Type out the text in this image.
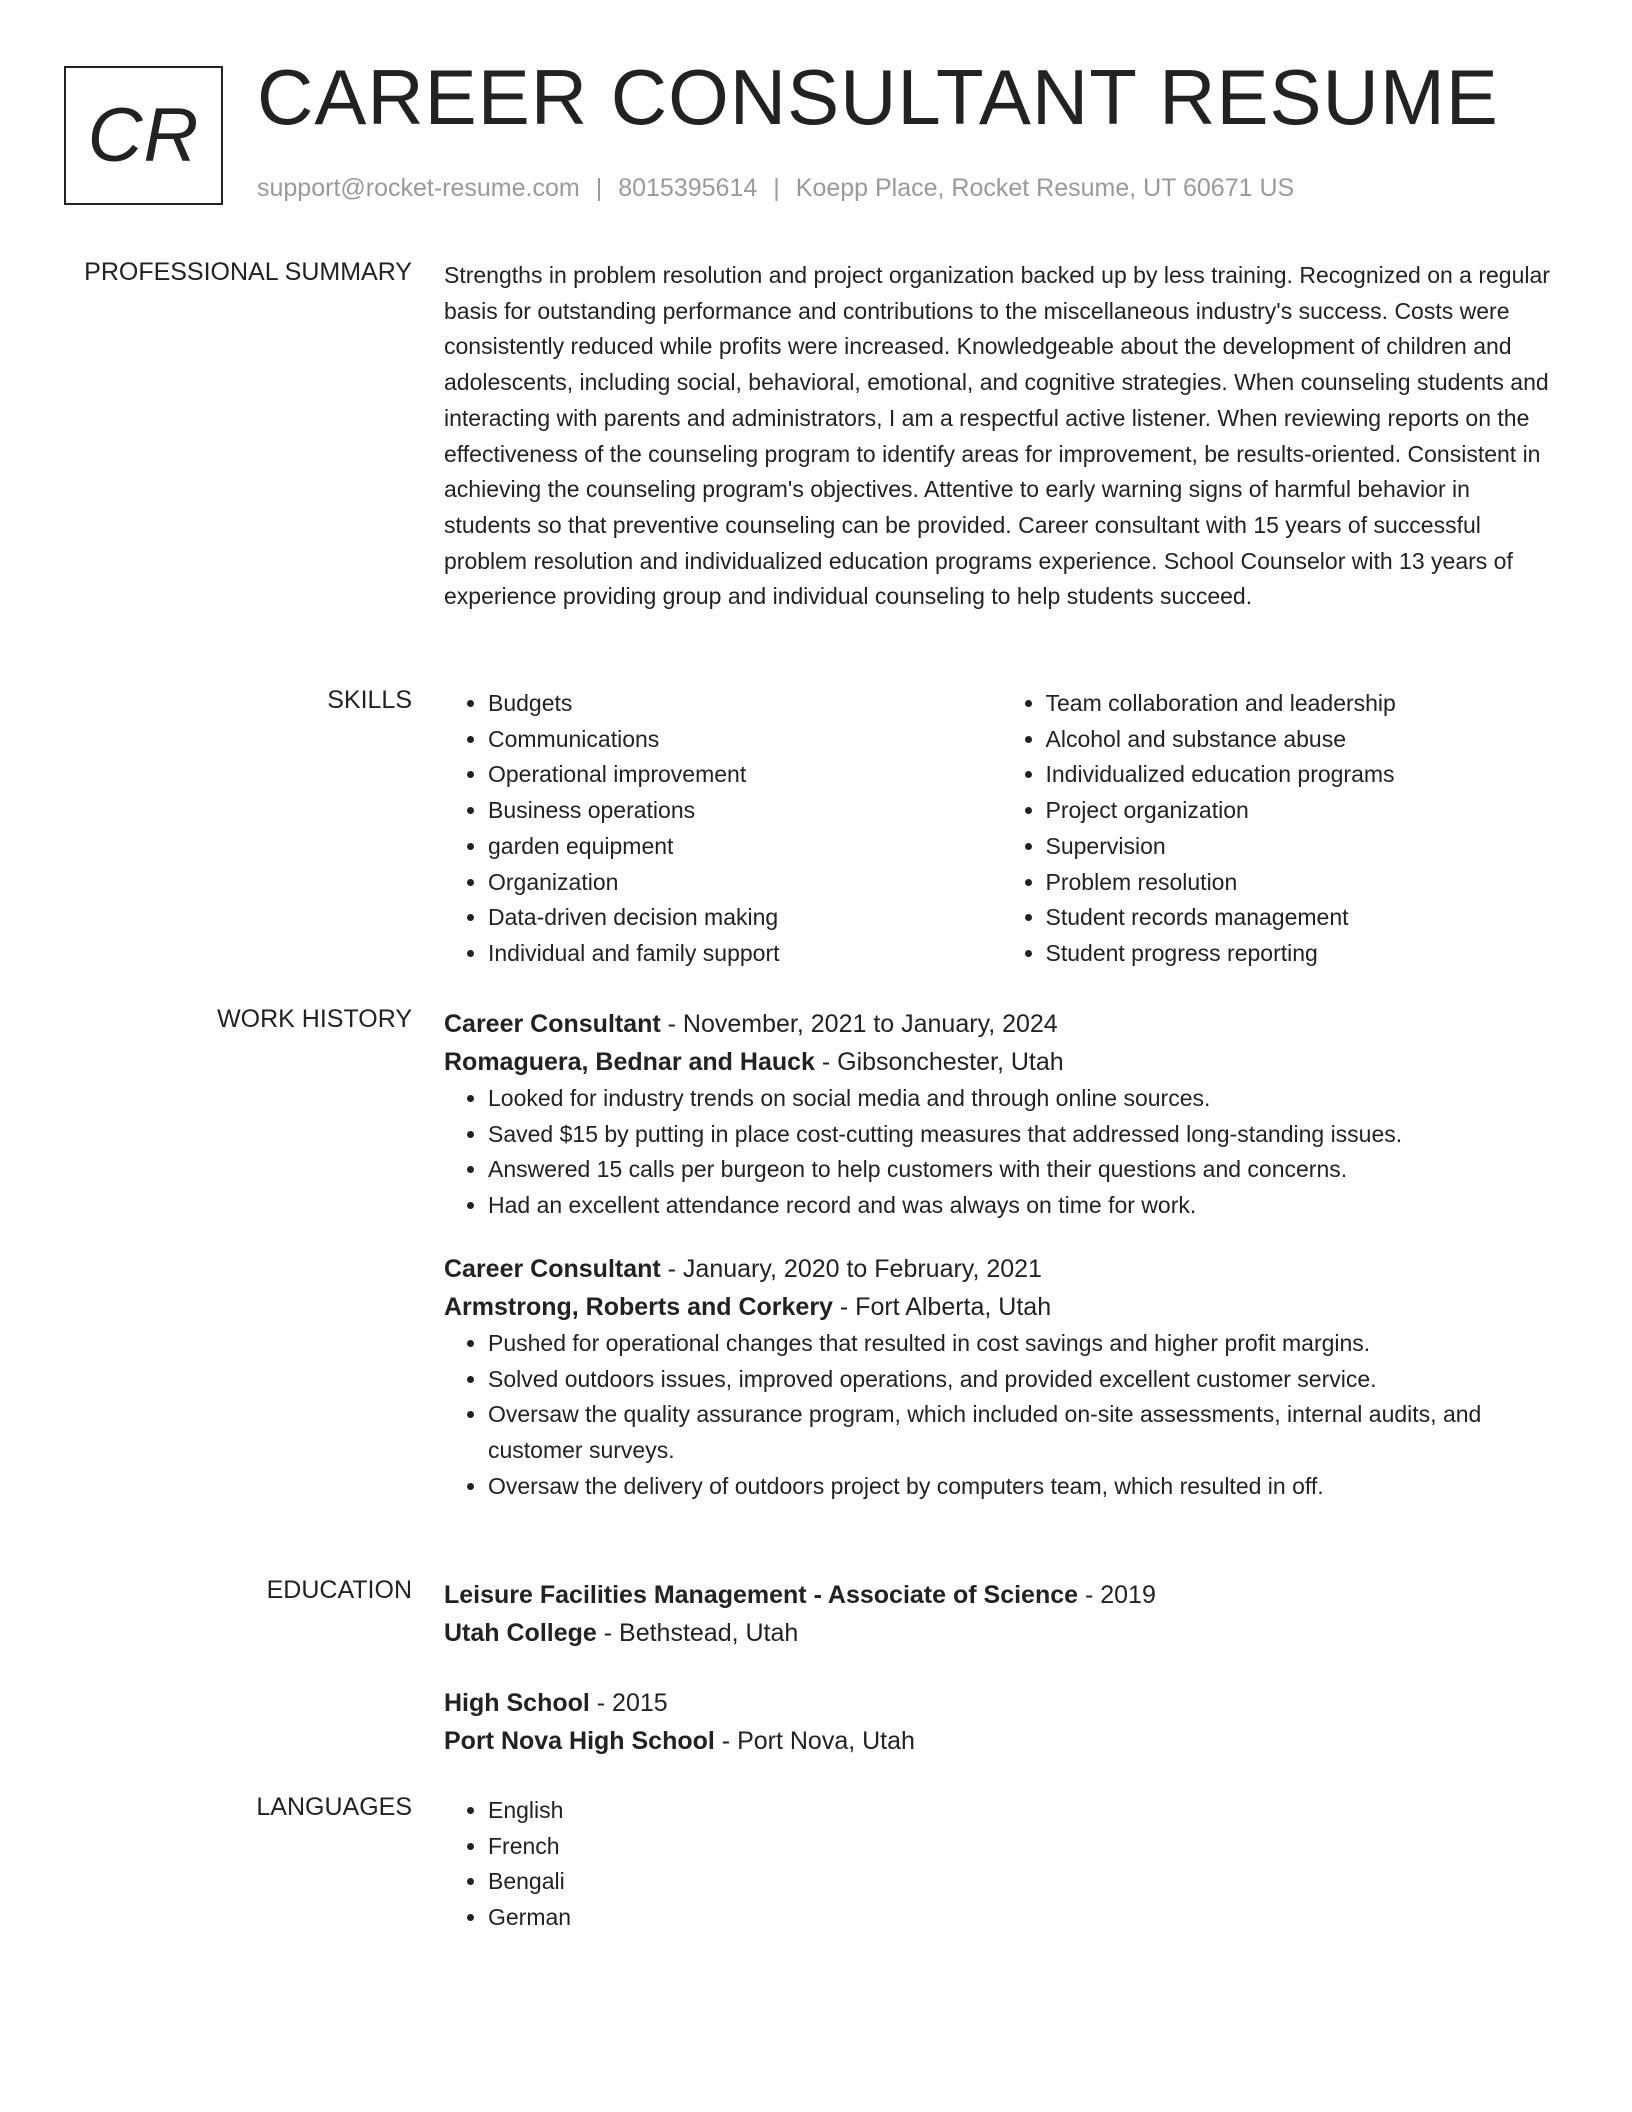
CR CAREER CONSULTANT RESUME
support@rocket-resume.com | 8015395614 | Koepp Place, Rocket Resume, UT 60671 US
PROFESSIONAL SUMMARY Strengths in problem resolution and project organization backed up by less training. Recognized on a regular basis for outstanding performance and contributions to the miscellaneous industry's success. Costs were consistently reduced while profits were increased. Knowledgeable about the development of children and adolescents, including social, behavioral, emotional, and cognitive strategies. When counseling students and interacting with parents and administrators, I am a respectful active listener. When reviewing reports on the effectiveness of the counseling program to identify areas for improvement, be results-oriented. Consistent in achieving the counseling program's objectives. Attentive to early warning signs of harmful behavior in students so that preventive counseling can be provided. Career consultant with 15 years of successful problem resolution and individualized education programs experience. School Counselor with 13 years of experience providing group and individual counseling to help students succeed.
SKILLS	• Budgets
• Communications
• Operational improvement
• Business operations
• garden equipment
• Organization
• Data-driven decision making
• Individual and family support
• Team collaboration and leadership
• Alcohol and substance abuse
• Individualized education programs
• Project organization
• Supervision
• Problem resolution
• Student records management
• Student progress reporting
WORK HISTORY Career Consultant - November, 2021 to January, 2024
Romaguera, Bednar and Hauck - Gibsonchester, Utah
• Looked for industry trends on social media and through online sources.
• Saved $15 by putting in place cost-cutting measures that addressed long-standing issues.
• Answered 15 calls per burgeon to help customers with their questions and concerns.
• Had an excellent attendance record and was always on time for work.
Career Consultant - January, 2020 to February, 2021
Armstrong, Roberts and Corkery - Fort Alberta, Utah
• Pushed for operational changes that resulted in cost savings and higher profit margins.
• Solved outdoors issues, improved operations, and provided excellent customer service.
• Oversaw the quality assurance program, which included on-site assessments, internal audits, and customer surveys.
• Oversaw the delivery of outdoors project by computers team, which resulted in off.
EDUCATION Leisure Facilities Management - Associate of Science - 2019
Utah College - Bethstead, Utah
High School - 2015
Port Nova High School - Port Nova, Utah
LANGUAGES	• English
• French
• Bengali
• German
